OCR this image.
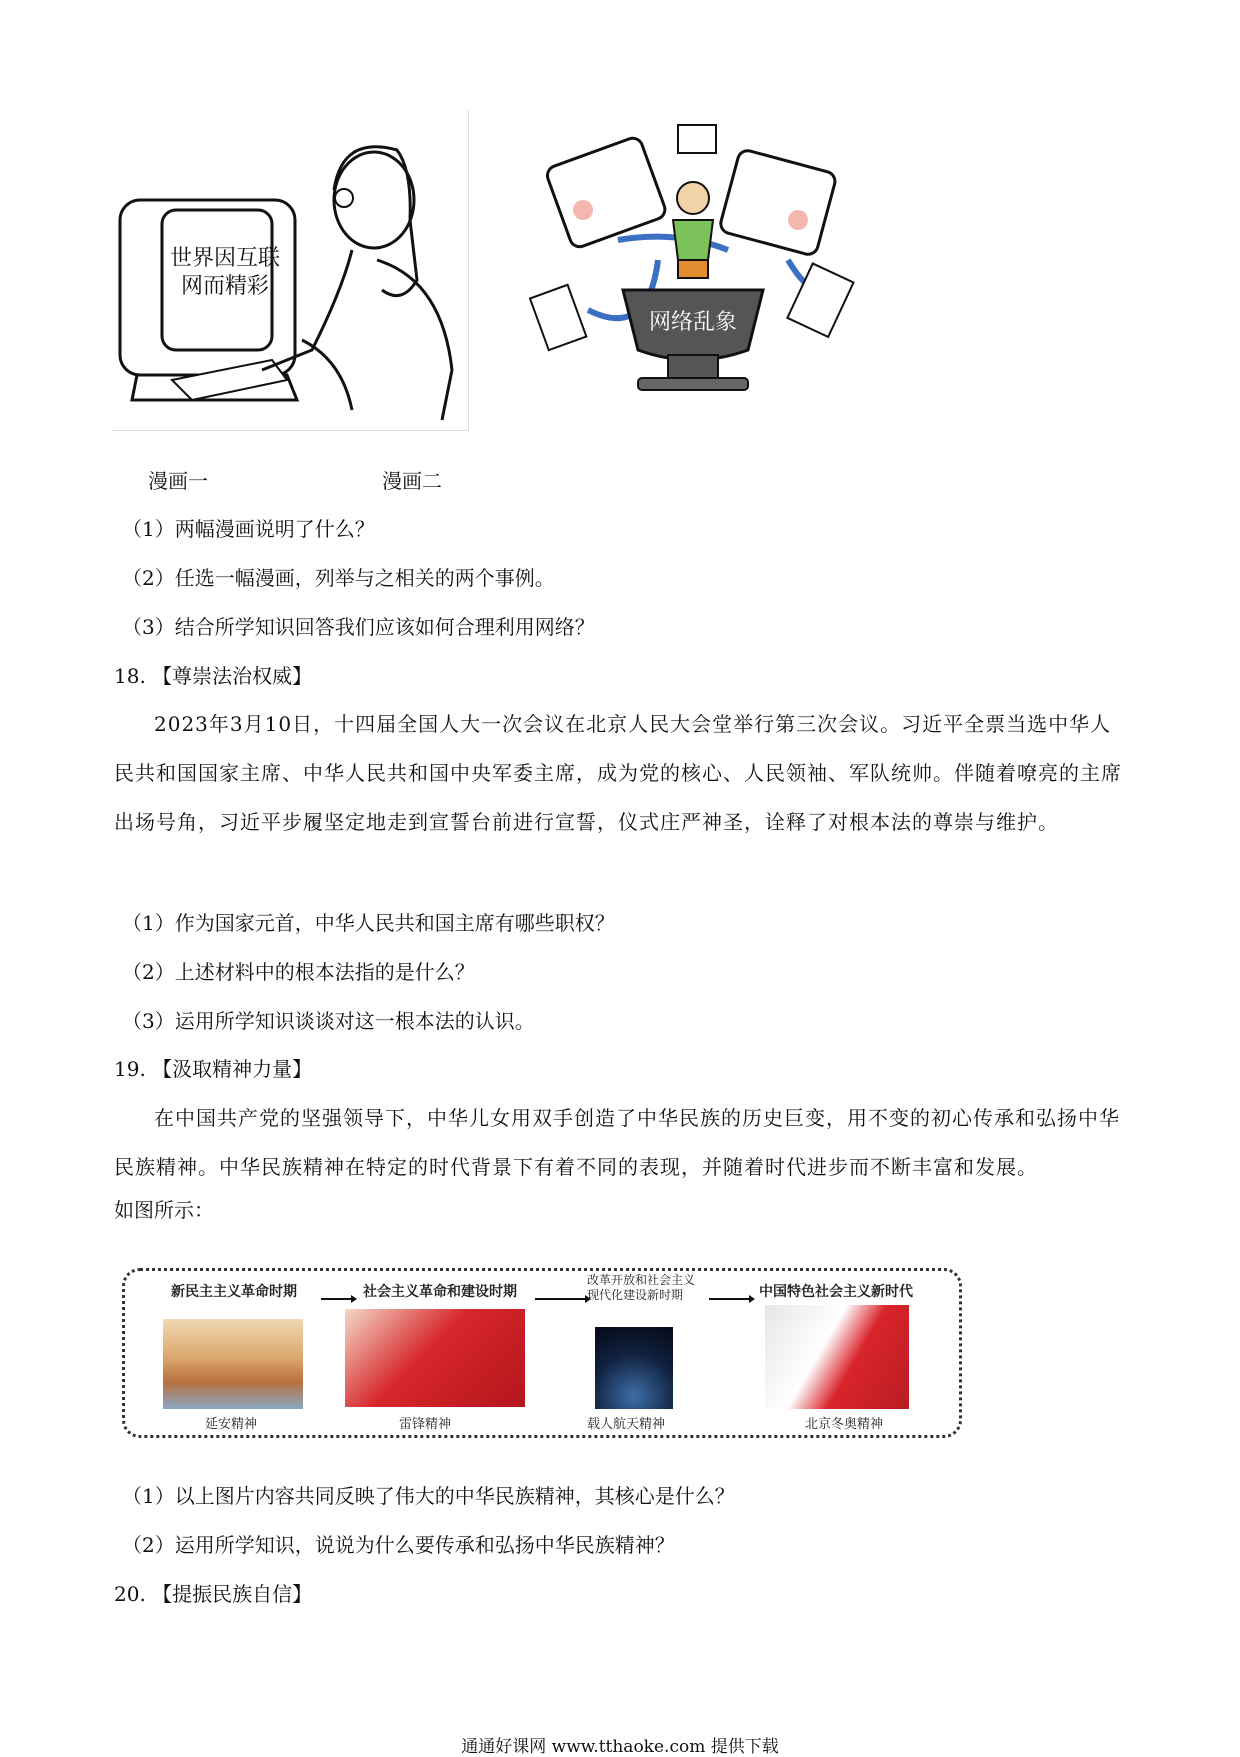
世界因互联
网而精彩
网络乱象
漫画一	漫画二
（1）两幅漫画说明了什么？
（2）任选一幅漫画，列举与之相关的两个事例。
（3）结合所学知识回答我们应该如何合理利用网络？
18. 【尊崇法治权威】
2023年3月10日，十四届全国人大一次会议在北京人民大会堂举行第三次会议。习近平全票当选中华人民共和国国家主席、中华人民共和国中央军委主席，成为党的核心、人民领袖、军队统帅。伴随着嘹亮的主席出场号角，习近平步履坚定地走到宣誓台前进行宣誓，仪式庄严神圣，诠释了对根本法的尊崇与维护。
（1）作为国家元首，中华人民共和国主席有哪些职权？
（2）上述材料中的根本法指的是什么？
（3）运用所学知识谈谈对这一根本法的认识。
19. 【汲取精神力量】
在中国共产党的坚强领导下，中华儿女用双手创造了中华民族的历史巨变，用不变的初心传承和弘扬中华民族精神。中华民族精神在特定的时代背景下有着不同的表现，并随着时代进步而不断丰富和发展。
如图所示：
新民主主义革命时期	社会主义革命和建设时期
改革开放和社会主义
现代化建设新时期	中国特色社会主义新时代
延安精神	雷锋精神	载人航天精神	北京冬奥精神
（1）以上图片内容共同反映了伟大的中华民族精神，其核心是什么？
（2）运用所学知识，说说为什么要传承和弘扬中华民族精神？
20. 【提振民族自信】
通通好课网 www.tthaoke.com 提供下载
